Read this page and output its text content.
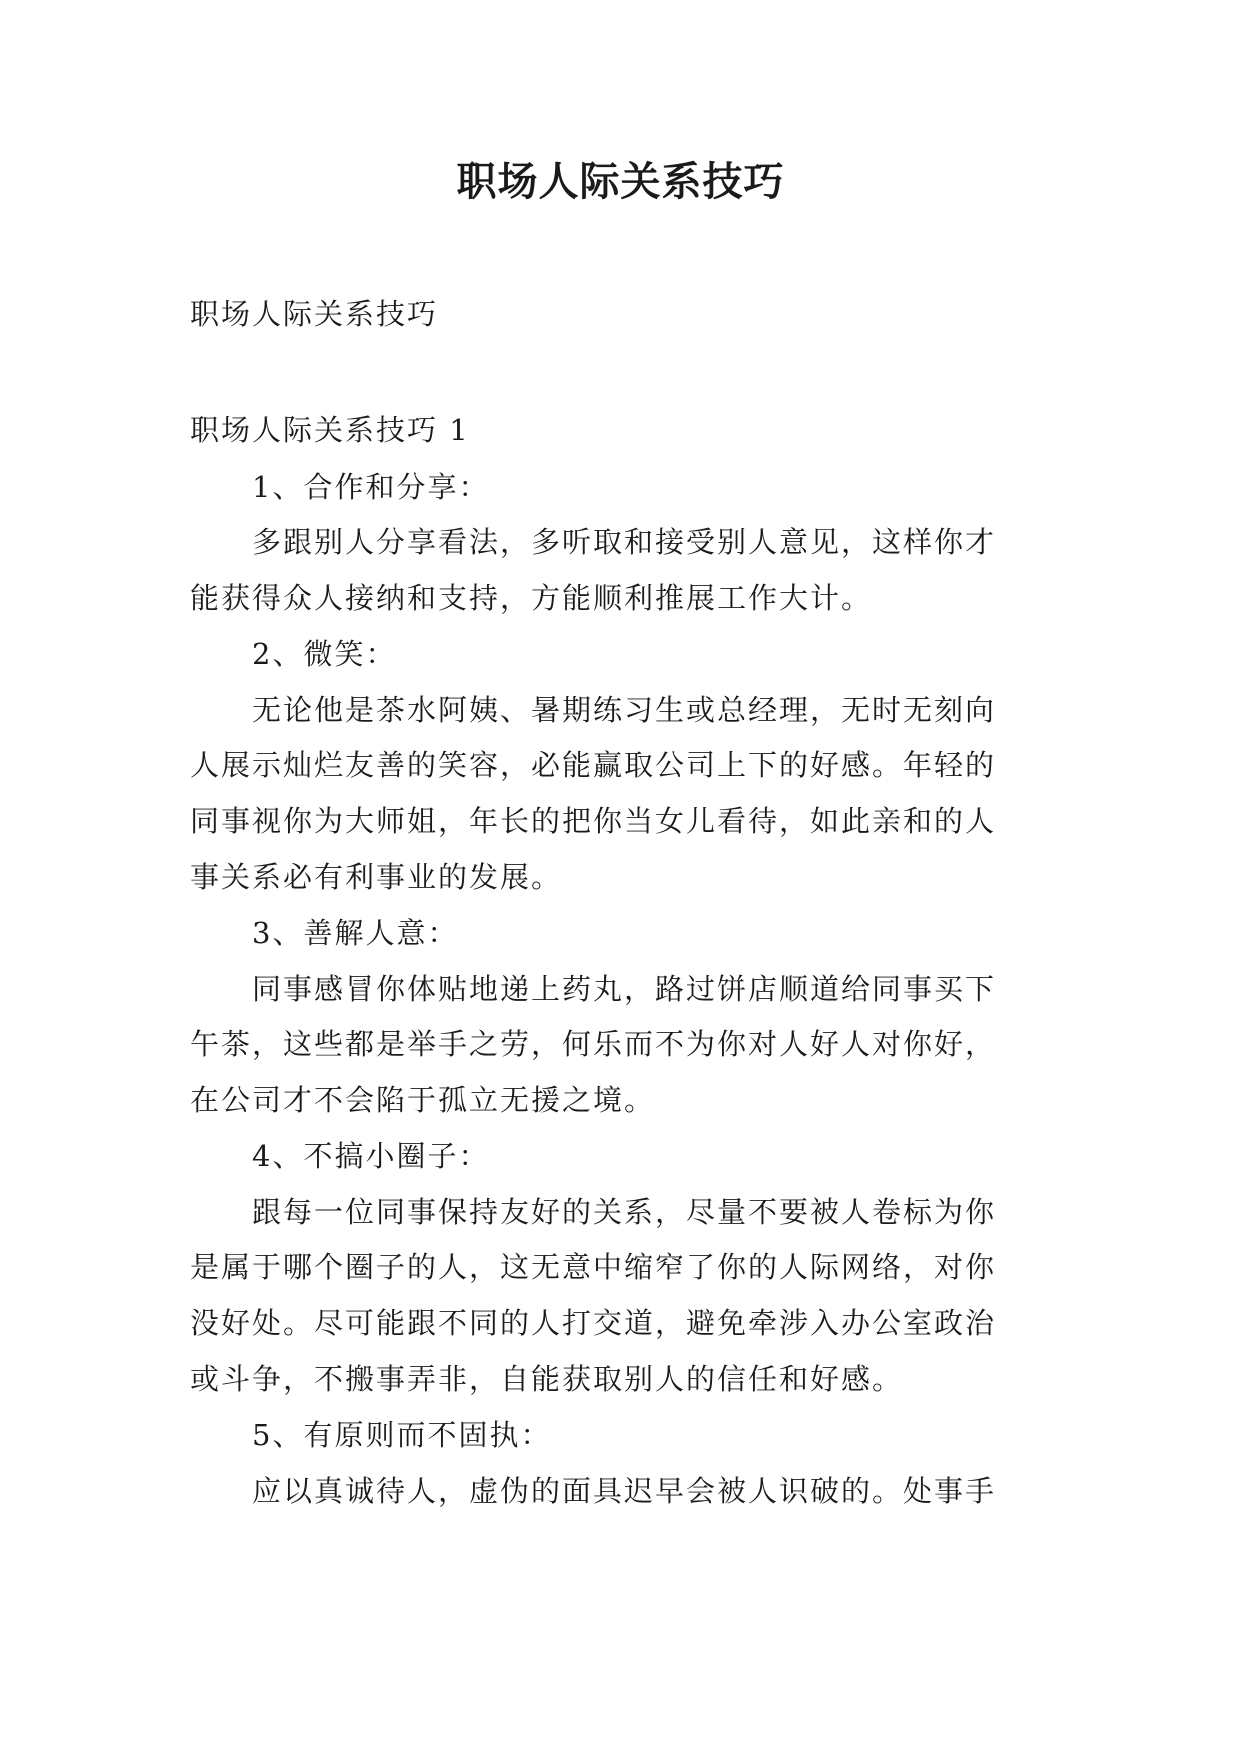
职场人际关系技巧

职场人际关系技巧

职场人际关系技巧 1

1、合作和分享：

多跟别人分享看法，多听取和接受别人意见，这样你才

能获得众人接纳和支持，方能顺利推展工作大计。

2、微笑：

无论他是茶水阿姨、暑期练习生或总经理，无时无刻向

人展示灿烂友善的笑容，必能赢取公司上下的好感。年轻的

同事视你为大师姐，年长的把你当女儿看待，如此亲和的人

事关系必有利事业的发展。

3、善解人意：

同事感冒你体贴地递上药丸，路过饼店顺道给同事买下

午茶，这些都是举手之劳，何乐而不为你对人好人对你好，

在公司才不会陷于孤立无援之境。

4、不搞小圈子：

跟每一位同事保持友好的关系，尽量不要被人卷标为你

是属于哪个圈子的人，这无意中缩窄了你的人际网络，对你

没好处。尽可能跟不同的人打交道，避免牵涉入办公室政治

或斗争，不搬事弄非，自能获取别人的信任和好感。

5、有原则而不固执：

应以真诚待人，虚伪的面具迟早会被人识破的。处事手
